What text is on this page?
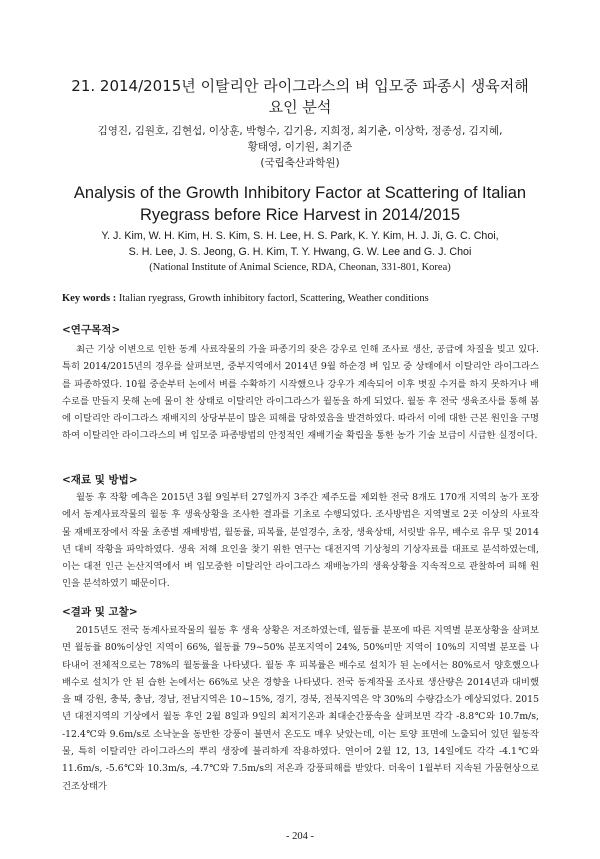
21. 2014/2015년 이탈리안 라이그라스의 벼 입모중 파종시 생육저해
요인 분석
김영진, 김원호, 김현섭, 이상훈, 박형수, 김기용, 지희정, 최기춘, 이상학, 정종성, 김지혜,
황태영, 이기원, 최기준
(국립축산과학원)
Analysis of the Growth Inhibitory Factor at Scattering of Italian
Ryegrass before Rice Harvest in 2014/2015
Y. J. Kim, W. H. Kim, H. S. Kim, S. H. Lee, H. S. Park, K. Y. Kim, H. J. Ji, G. C. Choi,
S. H. Lee, J. S. Jeong, G. H. Kim, T. Y. Hwang, G. W. Lee and G. J. Choi
(National Institute of Animal Science, RDA, Cheonan, 331-801, Korea)
Key words : Italian ryegrass, Growth inhibitory factorl, Scattering, Weather conditions
<연구목적>
최근 기상 이변으로 인한 동계 사료작물의 가을 파종기의 잦은 강우로 인해 조사료 생산, 공급에 차질을 빚고 있다. 특히 2014/2015년의 경우를 살펴보면, 중부지역에서 2014년 9월 하순경 벼 입모 중 상태에서 이탈리안 라이그라스를 파종하였다. 10월 중순부터 논에서 벼를 수확하기 시작했으나 강우가 계속되어 이후 볏짚 수거를 하지 못하거나 배수로를 만들지 못해 논에 물이 찬 상태로 이탈리안 라이그라스가 월동을 하게 되었다. 월동 후 전국 생육조사를 통해 봄에 이탈리안 라이그라스 재배지의 상당부분이 많은 피해를 당하였음을 발견하였다. 따라서 이에 대한 근본 원인을 구명하여 이탈리안 라이그라스의 벼 입모중 파종방법의 안정적인 재배기술 확립을 통한 농가 기술 보급이 시급한 실정이다.
<재료 및 방법>
월동 후 작황 예측은 2015년 3월 9일부터 27일까지 3주간 제주도를 제외한 전국 8개도 170개 지역의 농가 포장에서 동계사료작물의 월동 후 생육상황을 조사한 결과를 기초로 수행되었다. 조사방법은 지역별로 2곳 이상의 사료작물 재배포장에서 작물 초종별 재배방법, 월동률, 피복률, 분얼경수, 초장, 생육상태, 서릿발 유무, 배수로 유무 및 2014년 대비 작황을 파악하였다. 생육 저해 요인을 찾기 위한 연구는 대전지역 기상청의 기상자료를 대표로 분석하였는데, 이는 대전 인근 논산지역에서 벼 입모중한 이탈리안 라이그라스 재배농가의 생육상황을 지속적으로 관찰하여 피해 원인을 분석하였기 때문이다.
<결과 및 고찰>
2015년도 전국 동계사료작물의 월동 후 생육 상황은 저조하였는데, 월동률 분포에 따른 지역별 분포상황을 살펴보면 월동률 80%이상인 지역이 66%, 월동률 79~50% 분포지역이 24%, 50%미만 지역이 10%의 지역별 분포를 나타내어 전체적으로는 78%의 월동률을 나타냈다. 월동 후 피복률은 배수로 설치가 된 논에서는 80%로서 양호했으나 배수로 설치가 안 된 습한 논에서는 66%로 낮은 경향을 나타냈다. 전국 동계작물 조사료 생산량은 2014년과 대비했을 때 강원, 충북, 충남, 경남, 전남지역은 10~15%, 경기, 경북, 전북지역은 약 30%의 수량감소가 예상되었다. 2015년 대전지역의 기상에서 월동 후인 2월 8일과 9일의 최저기온과 최대순간풍속을 살펴보면 각각 -8.8℃와 10.7m/s, -12.4℃와 9.6m/s로 소낙눈을 동반한 강풍이 불면서 온도도 매우 낮았는데, 이는 토양 표면에 노출되어 있던 월동작물, 특히 이탈리안 라이그라스의 뿌리 생장에 불리하게 작용하였다. 연이어 2월 12, 13, 14일에도 각각 -4.1℃와 11.6m/s, -5.6℃와 10.3m/s, -4.7℃와 7.5m/s의 저온과 강풍피해를 받았다. 더욱이 1월부터 지속된 가뭄현상으로 건조상태가
- 204 -
